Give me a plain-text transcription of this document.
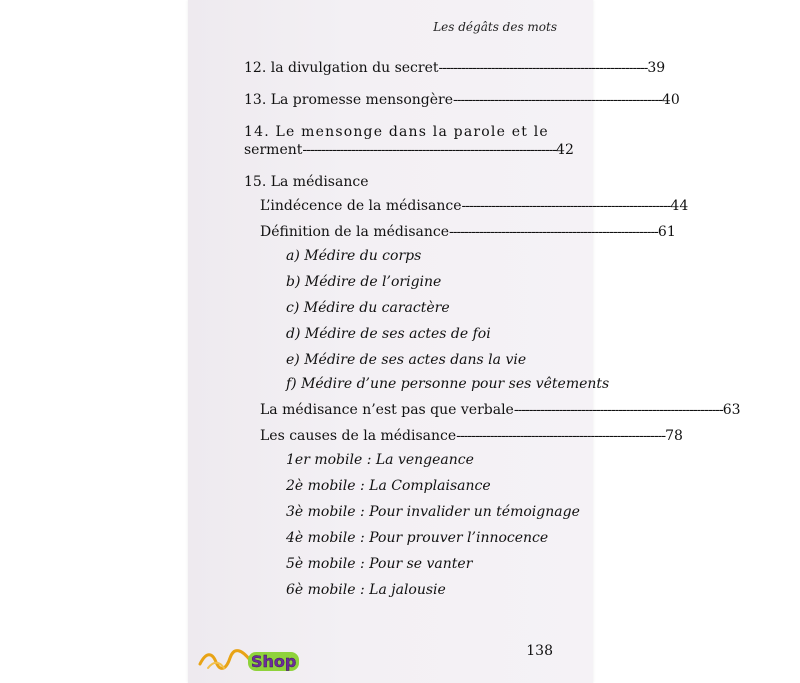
Les dégâts des mots
12. la divulgation du secret -------------------------------------------------------- 39
13. La promesse mensongère -------------------------------------------------------- 40
14. Le mensonge dans la parole et le
serment -------------------------------------------------------------------- 42
15. La médisance
L’indécence de la médisance -------------------------------------------------------- 44
Définition de la médisance -------------------------------------------------------- 61
a) Médire du corps
b) Médire de l’origine
c) Médire du caractère
d) Médire de ses actes de foi
e) Médire de ses actes dans la vie
f) Médire d’une personne pour ses vêtements
La médisance n’est pas que verbale -------------------------------------------------------- 63
Les causes de la médisance -------------------------------------------------------- 78
1er mobile : La vengeance
2è mobile : La Complaisance
3è mobile : Pour invalider un témoignage
4è mobile : Pour prouver l’innocence
5è mobile : Pour se vanter
6è mobile : La jalousie
138
Shop
